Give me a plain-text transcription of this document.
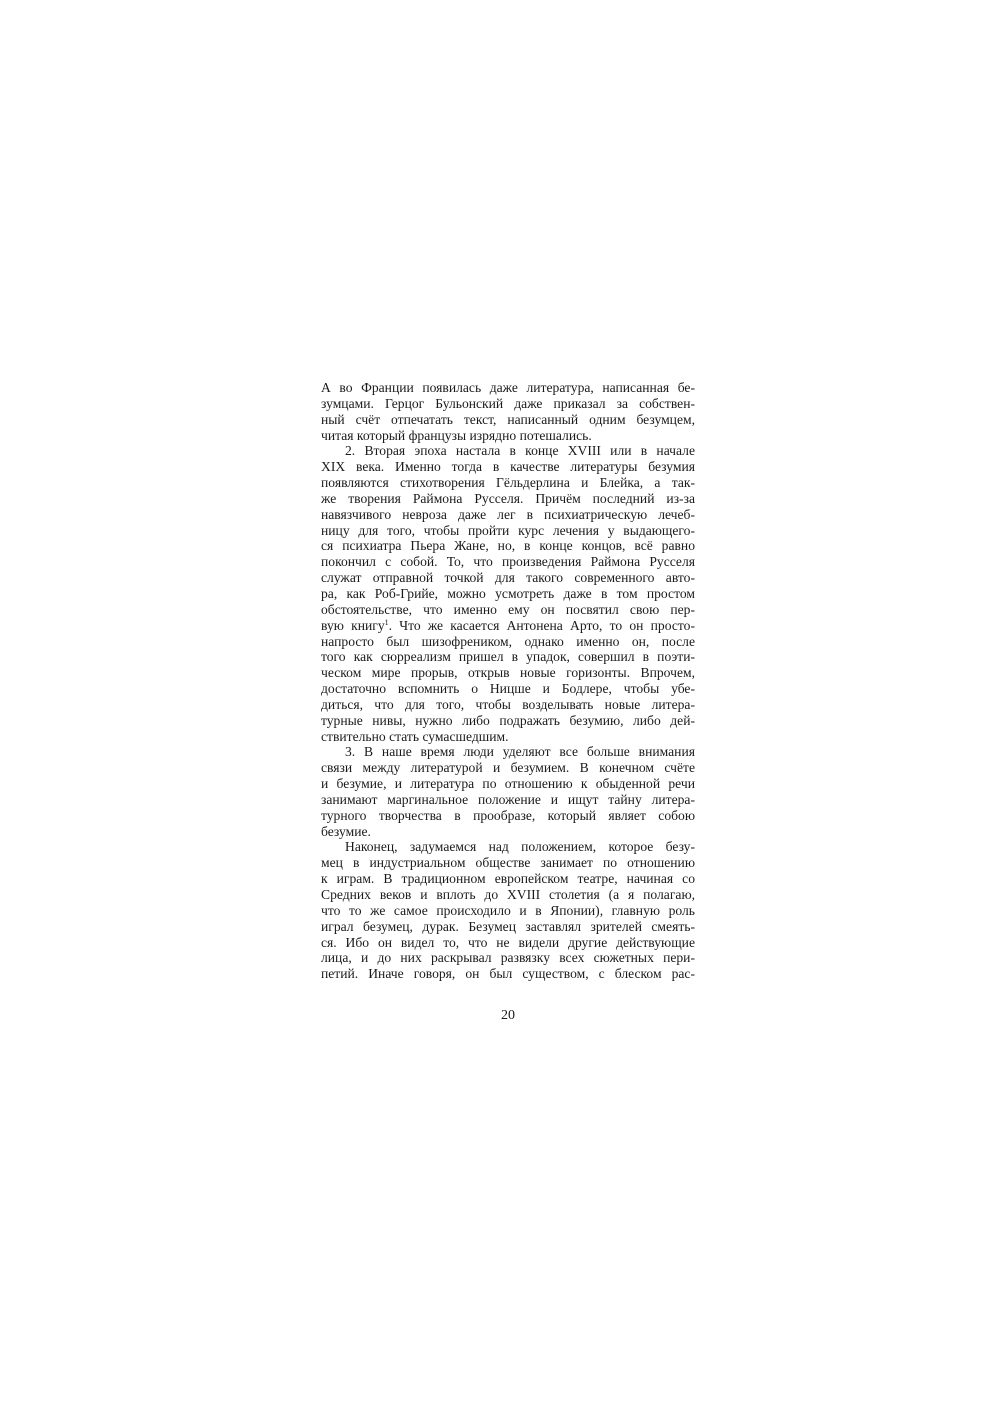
А во Франции появилась даже литература, написанная бе-
зумцами. Герцог Бульонский даже приказал за собствен-
ный счёт отпечатать текст, написанный одним безумцем,
читая который французы изрядно потешались.
2. Вторая эпоха настала в конце XVIII или в начале
XIX века. Именно тогда в качестве литературы безумия
появляются стихотворения Гёльдерлина и Блейка, а так-
же творения Раймона Русселя. Причём последний из-за
навязчивого невроза даже лег в психиатрическую лечеб-
ницу для того, чтобы пройти курс лечения у выдающего-
ся психиатра Пьера Жане, но, в конце концов, всё равно
покончил с собой. То, что произведения Раймона Русселя
служат отправной точкой для такого современного авто-
ра, как Роб-Грийе, можно усмотреть даже в том простом
обстоятельстве, что именно ему он посвятил свою пер-
вую книгу$^1$. Что же касается Антонена Арто, то он просто-
напросто был шизофреником, однако именно он, после
того как сюрреализм пришел в упадок, совершил в поэти-
ческом мире прорыв, открыв новые горизонты. Впрочем,
достаточно вспомнить о Ницше и Бодлере, чтобы убе-
диться, что для того, чтобы возделывать новые литера-
турные нивы, нужно либо подражать безумию, либо дей-
ствительно стать сумасшедшим.
3. В наше время люди уделяют все больше внимания
связи между литературой и безумием. В конечном счёте
и безумие, и литература по отношению к обыденной речи
занимают маргинальное положение и ищут тайну литера-
турного творчества в прообразе, который являет собою
безумие.
Наконец, задумаемся над положением, которое безу-
мец в индустриальном обществе занимает по отношению
к играм. В традиционном европейском театре, начиная со
Средних веков и вплоть до XVIII столетия (а я полагаю,
что то же самое происходило и в Японии), главную роль
играл безумец, дурак. Безумец заставлял зрителей смеять-
ся. Ибо он видел то, что не видели другие действующие
лица, и до них раскрывал развязку всех сюжетных пери-
петий. Иначе говоря, он был существом, с блеском рас-
20
